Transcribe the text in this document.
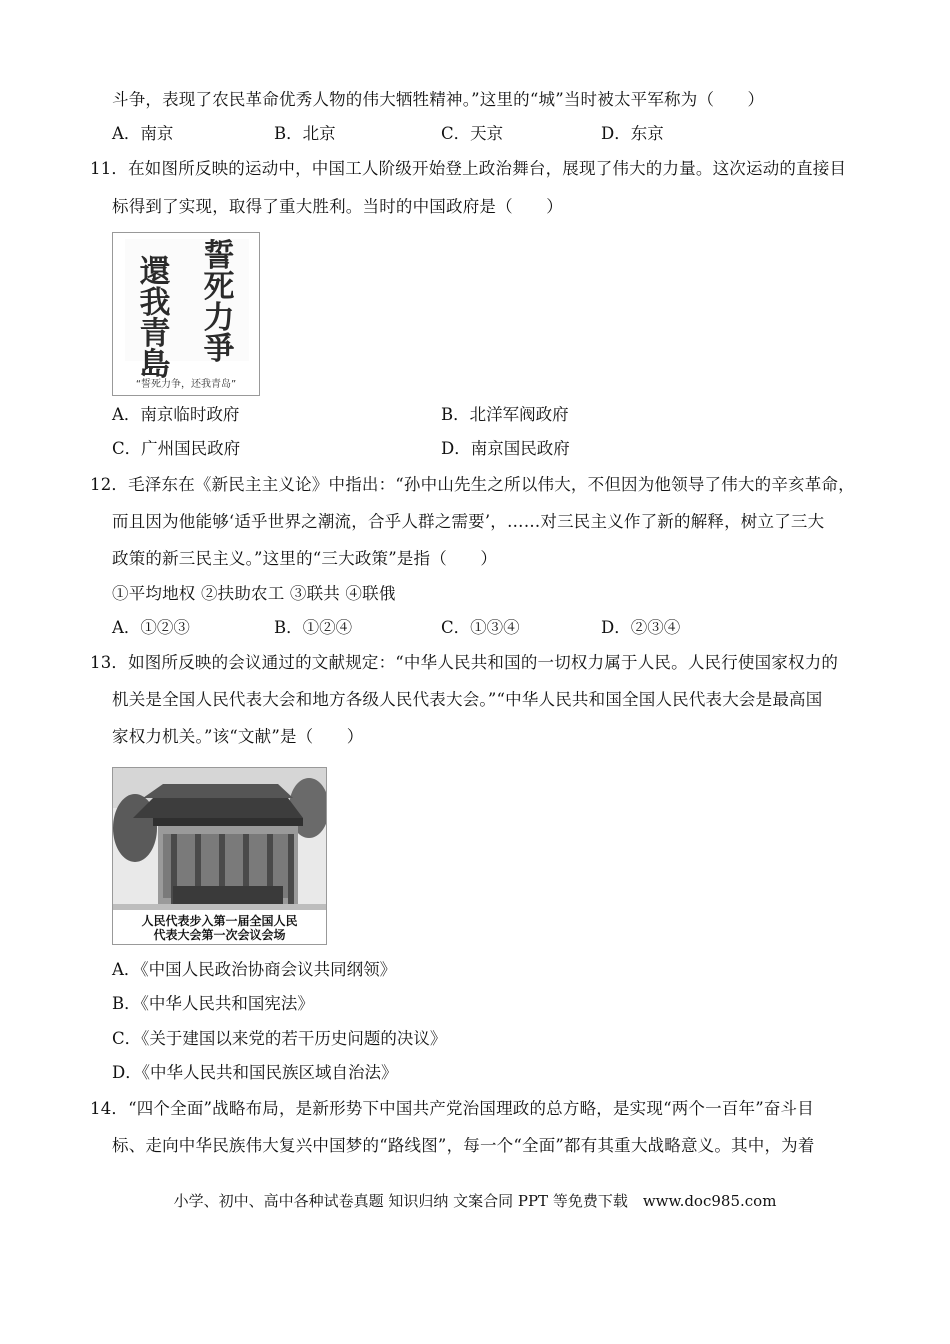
斗争，表现了农民革命优秀人物的伟大牺牲精神。”这里的“城”当时被太平军称为（　　）
A．南京	B．北京	C．天京	D．东京
11．在如图所反映的运动中，中国工人阶级开始登上政治舞台，展现了伟大的力量。这次运动的直接目
标得到了实现，取得了重大胜利。当时的中国政府是（　　）
誓死力爭
還我青島
“誓死力争，还我青岛”
A．南京临时政府	B．北洋军阀政府
C．广州国民政府	D．南京国民政府
12．毛泽东在《新民主主义论》中指出：“孙中山先生之所以伟大，不但因为他领导了伟大的辛亥革命，
而且因为他能够‘适乎世界之潮流，合乎人群之需要’，……对三民主义作了新的解释，树立了三大
政策的新三民主义。”这里的“三大政策”是指（　　）
①平均地权 ②扶助农工 ③联共 ④联俄
A．①②③	B．①②④	C．①③④	D．②③④
13．如图所反映的会议通过的文献规定：“中华人民共和国的一切权力属于人民。人民行使国家权力的
机关是全国人民代表大会和地方各级人民代表大会。”“中华人民共和国全国人民代表大会是最高国
家权力机关。”该“文献”是（　　）
人民代表步入第一届全国人民
代表大会第一次会议会场
A．《中国人民政治协商会议共同纲领》
B．《中华人民共和国宪法》
C．《关于建国以来党的若干历史问题的决议》
D．《中华人民共和国民族区域自治法》
14．“四个全面”战略布局，是新形势下中国共产党治国理政的总方略，是实现“两个一百年”奋斗目
标、走向中华民族伟大复兴中国梦的“路线图”，每一个“全面”都有其重大战略意义。其中，为着
小学、初中、高中各种试卷真题 知识归纳 文案合同 PPT 等免费下载　www.doc985.com
